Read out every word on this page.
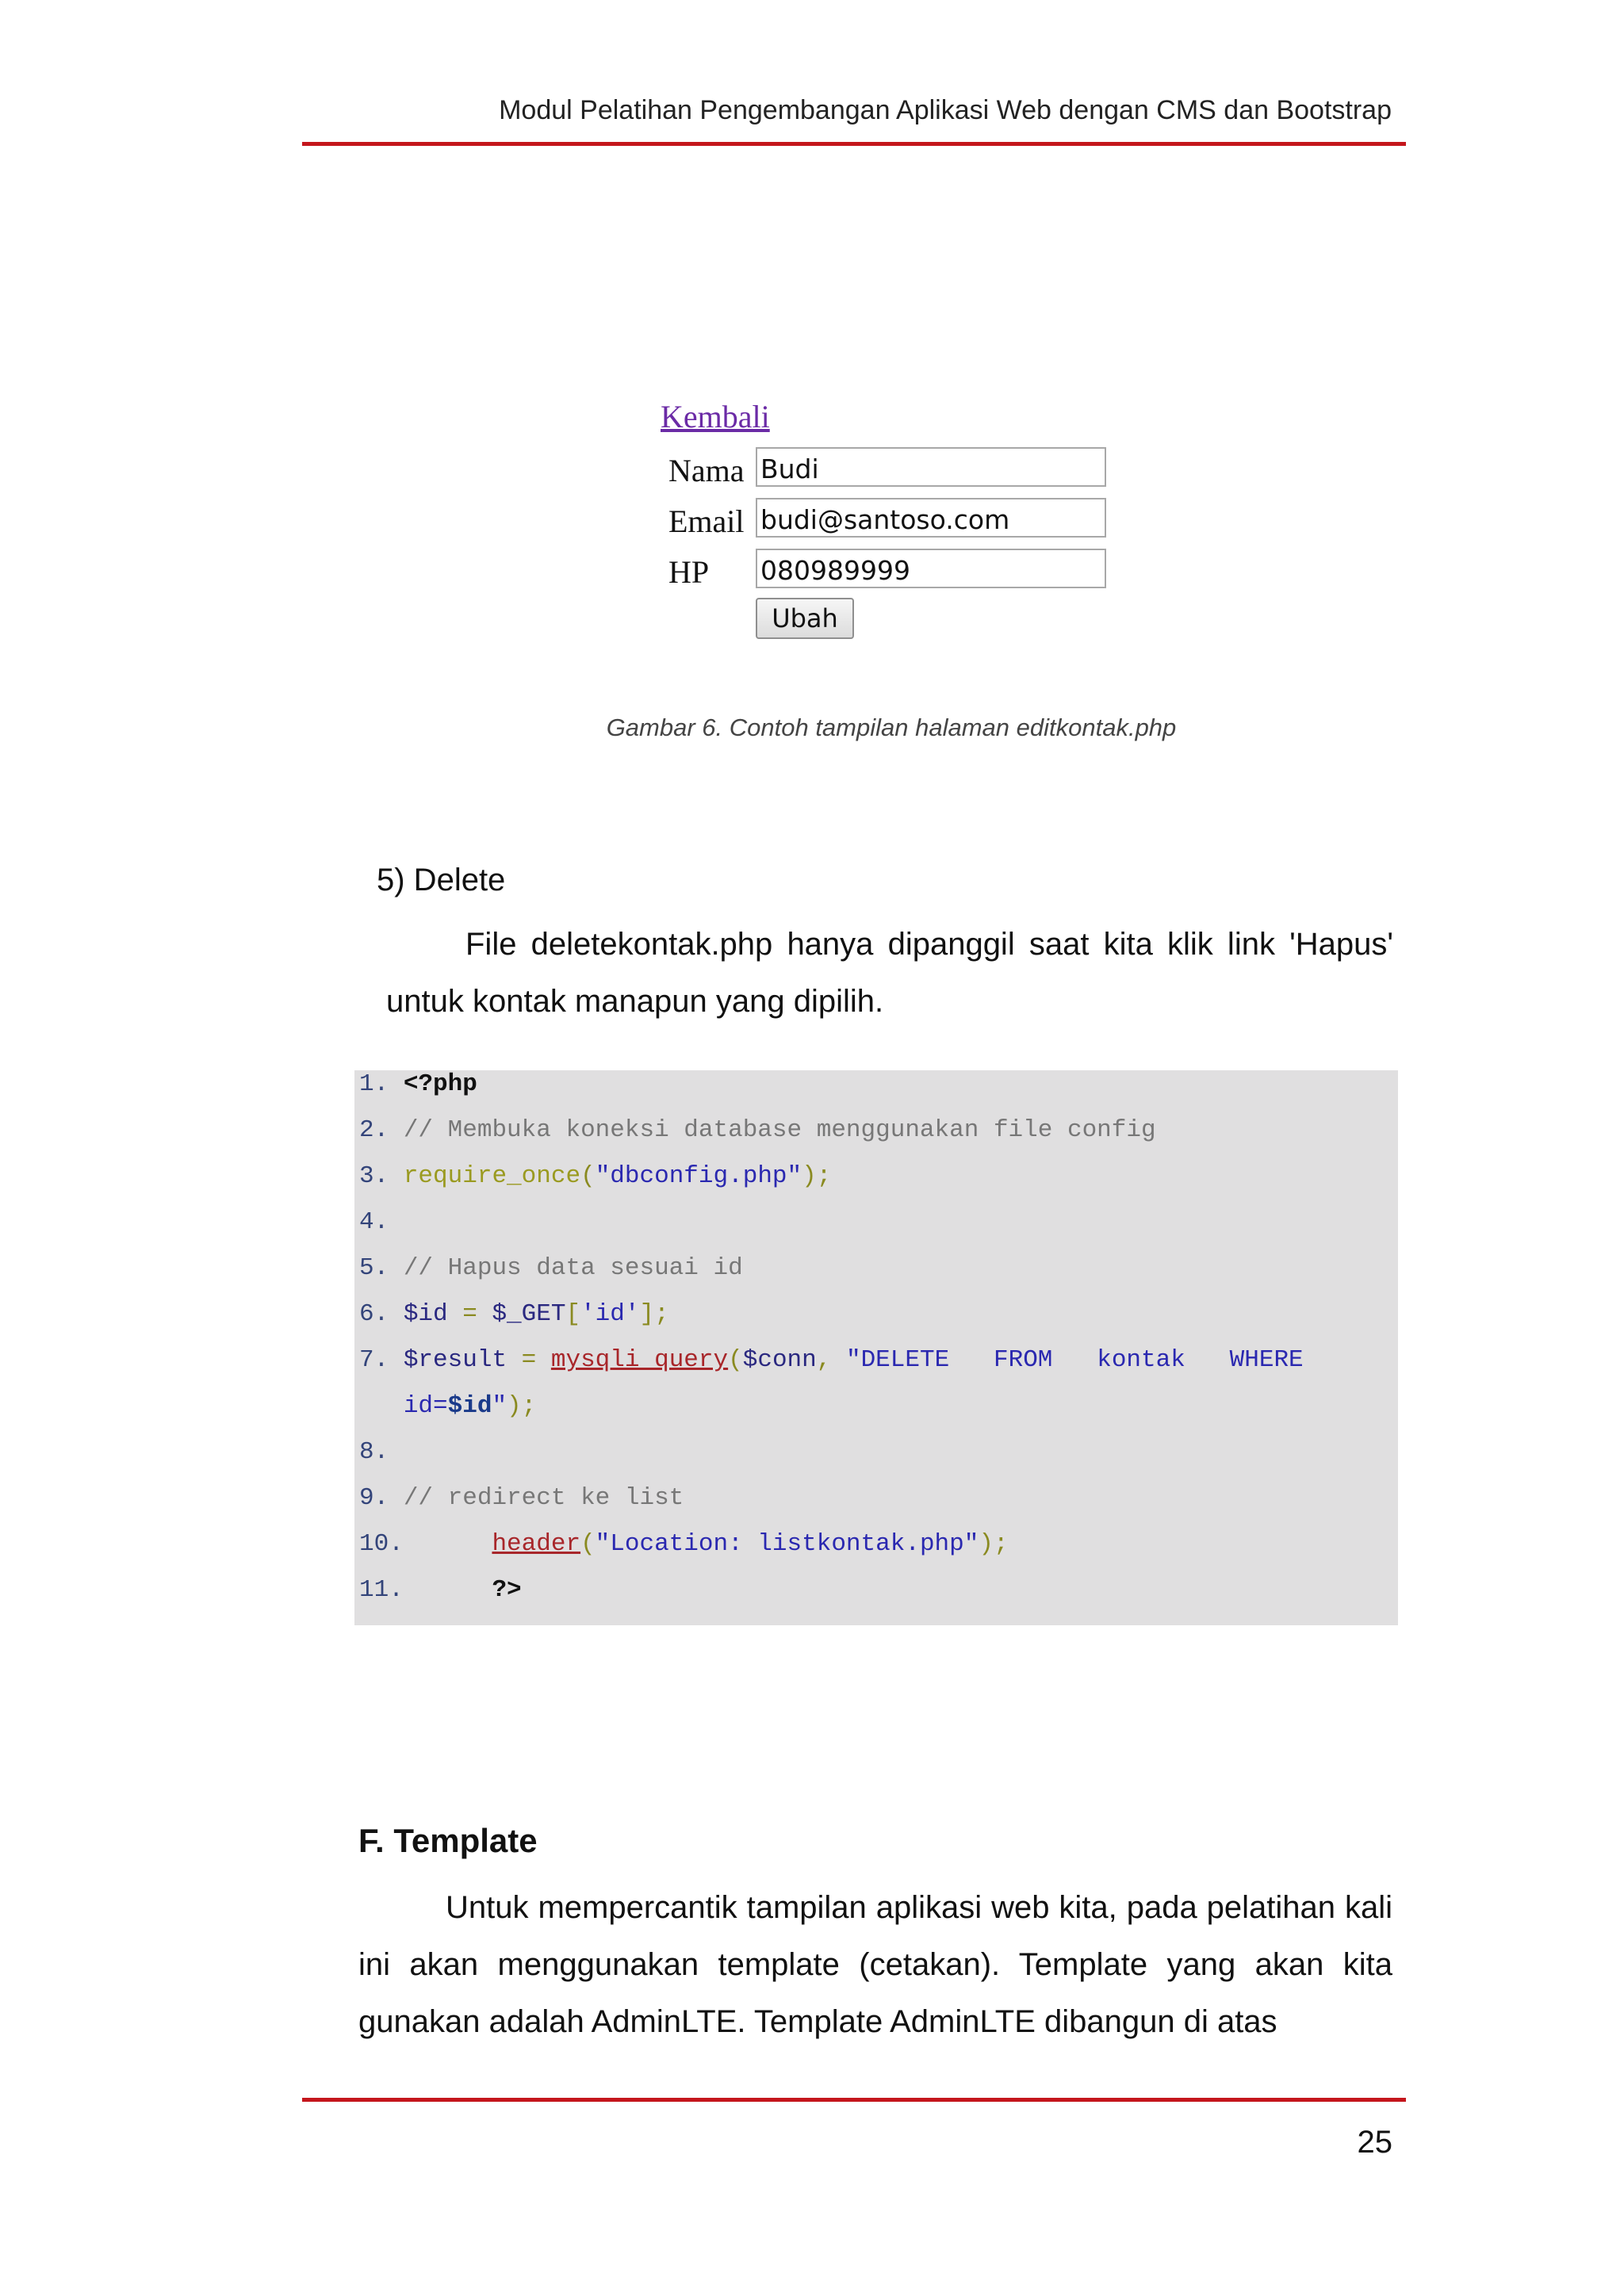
Modul Pelatihan Pengembangan Aplikasi Web dengan CMS dan Bootstrap
Kembali
Nama Budi
Email budi@santoso.com
HP 080989999
Ubah
Gambar 6. Contoh tampilan halaman editkontak.php
5) Delete
File deletekontak.php hanya dipanggil saat kita klik link 'Hapus' untuk kontak manapun yang dipilih.
1. <?php
2. // Membuka koneksi database menggunakan file config
3. require_once("dbconfig.php");
4.
5. // Hapus data sesuai id
6. $id = $_GET['id'];
7. $result = mysqli_query($conn, "DELETE   FROM   kontak   WHERE
id=$id");
8.
9. // redirect ke list
10.	header("Location: listkontak.php");
11.	?>
F. Template
Untuk mempercantik tampilan aplikasi web kita, pada pelatihan kali ini akan menggunakan template (cetakan). Template yang akan kita gunakan adalah AdminLTE. Template AdminLTE dibangun di atas
25
